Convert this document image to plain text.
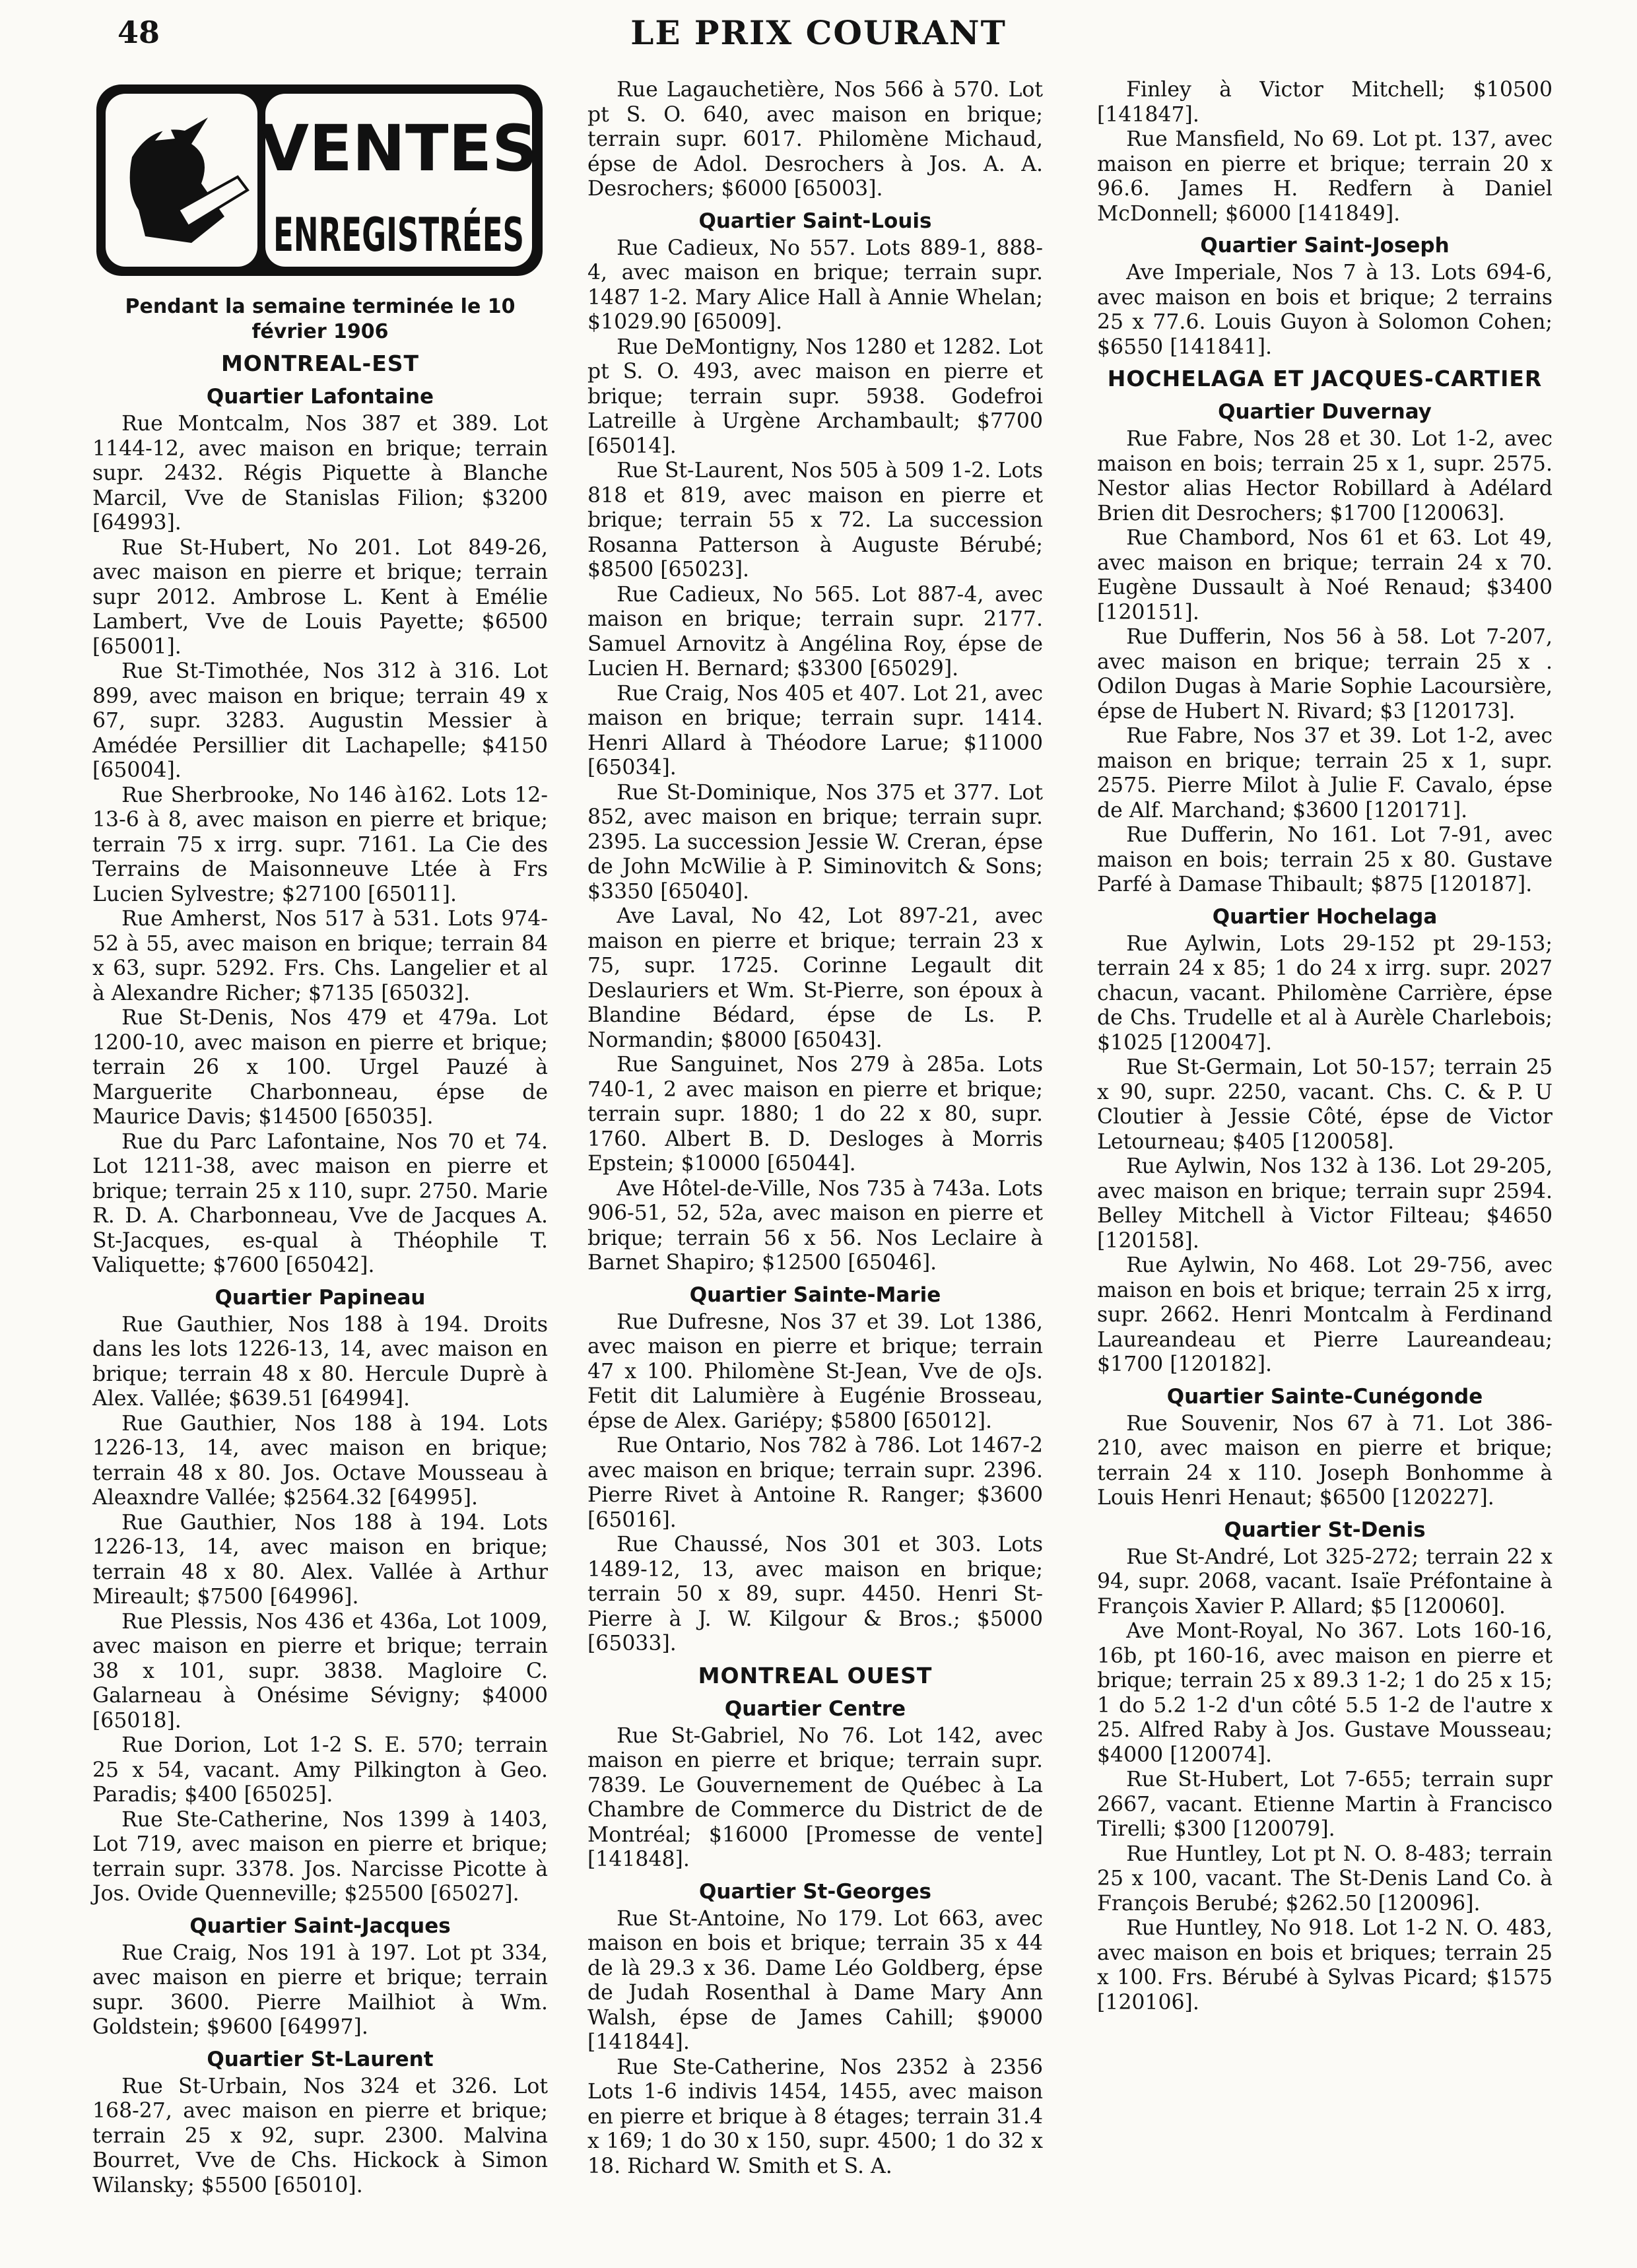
48	LE PRIX COURANT
VENTES
ENREGISTRÉES
Pendant la semaine terminée le 10 février 1906
MONTREAL-EST
Quartier Lafontaine
Rue Montcalm, Nos 387 et 389. Lot 1144-12, avec maison en brique; terrain supr. 2432. Régis Piquette à Blanche Marcil, Vve de Stanislas Filion; $3200 [64993].
Rue St-Hubert, No 201. Lot 849-26, avec maison en pierre et brique; terrain supr 2012. Ambrose L. Kent à Emélie Lambert, Vve de Louis Payette; $6500 [65001].
Rue St-Timothée, Nos 312 à 316. Lot 899, avec maison en brique; terrain 49 x 67, supr. 3283. Augustin Messier à Amédée Persillier dit Lachapelle; $4150 [65004].
Rue Sherbrooke, No 146 à162. Lots 12-13-6 à 8, avec maison en pierre et brique; terrain 75 x irrg. supr. 7161. La Cie des Terrains de Maisonneuve Ltée à Frs Lucien Sylvestre; $27100 [65011].
Rue Amherst, Nos 517 à 531. Lots 974-52 à 55, avec maison en brique; terrain 84 x 63, supr. 5292. Frs. Chs. Langelier et al à Alexandre Richer; $7135 [65032].
Rue St-Denis, Nos 479 et 479a. Lot 1200-10, avec maison en pierre et brique; terrain 26 x 100. Urgel Pauzé à Marguerite Charbonneau, épse de Maurice Davis; $14500 [65035].
Rue du Parc Lafontaine, Nos 70 et 74. Lot 1211-38, avec maison en pierre et brique; terrain 25 x 110, supr. 2750. Marie R. D. A. Charbonneau, Vve de Jacques A. St-Jacques, es-qual à Théophile T. Valiquette; $7600 [65042].
Quartier Papineau
Rue Gauthier, Nos 188 à 194. Droits dans les lots 1226-13, 14, avec maison en brique; terrain 48 x 80. Hercule Duprè à Alex. Vallée; $639.51 [64994].
Rue Gauthier, Nos 188 à 194. Lots 1226-13, 14, avec maison en brique; terrain 48 x 80. Jos. Octave Mousseau à Aleaxndre Vallée; $2564.32 [64995].
Rue Gauthier, Nos 188 à 194. Lots 1226-13, 14, avec maison en brique; terrain 48 x 80. Alex. Vallée à Arthur Mireault; $7500 [64996].
Rue Plessis, Nos 436 et 436a, Lot 1009, avec maison en pierre et brique; terrain 38 x 101, supr. 3838. Magloire C. Galarneau à Onésime Sévigny; $4000 [65018].
Rue Dorion, Lot 1-2 S. E. 570; terrain 25 x 54, vacant. Amy Pilkington à Geo. Paradis; $400 [65025].
Rue Ste-Catherine, Nos 1399 à 1403, Lot 719, avec maison en pierre et brique; terrain supr. 3378. Jos. Narcisse Picotte à Jos. Ovide Quenneville; $25500 [65027].
Quartier Saint-Jacques
Rue Craig, Nos 191 à 197. Lot pt 334, avec maison en pierre et brique; terrain supr. 3600. Pierre Mailhiot à Wm. Goldstein; $9600 [64997].
Quartier St-Laurent
Rue St-Urbain, Nos 324 et 326. Lot 168-27, avec maison en pierre et brique; terrain 25 x 92, supr. 2300. Malvina Bourret, Vve de Chs. Hickock à Simon Wilansky; $5500 [65010].
Rue Lagauchetière, Nos 566 à 570. Lot pt S. O. 640, avec maison en brique; terrain supr. 6017. Philomène Michaud, épse de Adol. Desrochers à Jos. A. A. Desrochers; $6000 [65003].
Quartier Saint-Louis
Rue Cadieux, No 557. Lots 889-1, 888-4, avec maison en brique; terrain supr. 1487 1-2. Mary Alice Hall à Annie Whelan; $1029.90 [65009].
Rue DeMontigny, Nos 1280 et 1282. Lot pt S. O. 493, avec maison en pierre et brique; terrain supr. 5938. Godefroi Latreille à Urgène Archambault; $7700 [65014].
Rue St-Laurent, Nos 505 à 509 1-2. Lots 818 et 819, avec maison en pierre et brique; terrain 55 x 72. La succession Rosanna Patterson à Auguste Bérubé; $8500 [65023].
Rue Cadieux, No 565. Lot 887-4, avec maison en brique; terrain supr. 2177. Samuel Arnovitz à Angélina Roy, épse de Lucien H. Bernard; $3300 [65029].
Rue Craig, Nos 405 et 407. Lot 21, avec maison en brique; terrain supr. 1414. Henri Allard à Théodore Larue; $11000 [65034].
Rue St-Dominique, Nos 375 et 377. Lot 852, avec maison en brique; terrain supr. 2395. La succession Jessie W. Creran, épse de John McWilie à P. Siminovitch & Sons; $3350 [65040].
Ave Laval, No 42, Lot 897-21, avec maison en pierre et brique; terrain 23 x 75, supr. 1725. Corinne Legault dit Deslauriers et Wm. St-Pierre, son époux à Blandine Bédard, épse de Ls. P. Normandin; $8000 [65043].
Rue Sanguinet, Nos 279 à 285a. Lots 740-1, 2 avec maison en pierre et brique; terrain supr. 1880; 1 do 22 x 80, supr. 1760. Albert B. D. Desloges à Morris Epstein; $10000 [65044].
Ave Hôtel-de-Ville, Nos 735 à 743a. Lots 906-51, 52, 52a, avec maison en pierre et brique; terrain 56 x 56. Nos Leclaire à Barnet Shapiro; $12500 [65046].
Quartier Sainte-Marie
Rue Dufresne, Nos 37 et 39. Lot 1386, avec maison en pierre et brique; terrain 47 x 100. Philomène St-Jean, Vve de oJs. Fetit dit Lalumière à Eugénie Brosseau, épse de Alex. Gariépy; $5800 [65012].
Rue Ontario, Nos 782 à 786. Lot 1467-2 avec maison en brique; terrain supr. 2396. Pierre Rivet à Antoine R. Ranger; $3600 [65016].
Rue Chaussé, Nos 301 et 303. Lots 1489-12, 13, avec maison en brique; terrain 50 x 89, supr. 4450. Henri St-Pierre à J. W. Kilgour & Bros.; $5000 [65033].
MONTREAL OUEST
Quartier Centre
Rue St-Gabriel, No 76. Lot 142, avec maison en pierre et brique; terrain supr. 7839. Le Gouvernement de Québec à La Chambre de Commerce du District de de Montréal; $16000 [Promesse de vente] [141848].
Quartier St-Georges
Rue St-Antoine, No 179. Lot 663, avec maison en bois et brique; terrain 35 x 44 de là 29.3 x 36. Dame Léo Goldberg, épse de Judah Rosenthal à Dame Mary Ann Walsh, épse de James Cahill; $9000 [141844].
Rue Ste-Catherine, Nos 2352 à 2356 Lots 1-6 indivis 1454, 1455, avec maison en pierre et brique à 8 étages; terrain 31.4 x 169; 1 do 30 x 150, supr. 4500; 1 do 32 x 18. Richard W. Smith et S. A.
Finley à Victor Mitchell; $10500 [141847].
Rue Mansfield, No 69. Lot pt. 137, avec maison en pierre et brique; terrain 20 x 96.6. James H. Redfern à Daniel McDonnell; $6000 [141849].
Quartier Saint-Joseph
Ave Imperiale, Nos 7 à 13. Lots 694-6, avec maison en bois et brique; 2 terrains 25 x 77.6. Louis Guyon à Solomon Cohen; $6550 [141841].
HOCHELAGA ET JACQUES-CARTIER
Quartier Duvernay
Rue Fabre, Nos 28 et 30. Lot 1-2, avec maison en bois; terrain 25 x 1, supr. 2575. Nestor alias Hector Robillard à Adélard Brien dit Desrochers; $1700 [120063].
Rue Chambord, Nos 61 et 63. Lot 49, avec maison en brique; terrain 24 x 70. Eugène Dussault à Noé Renaud; $3400 [120151].
Rue Dufferin, Nos 56 à 58. Lot 7-207, avec maison en brique; terrain 25 x . Odilon Dugas à Marie Sophie Lacoursière, épse de Hubert N. Rivard; $3 [120173].
Rue Fabre, Nos 37 et 39. Lot 1-2, avec maison en brique; terrain 25 x 1, supr. 2575. Pierre Milot à Julie F. Cavalo, épse de Alf. Marchand; $3600 [120171].
Rue Dufferin, No 161. Lot 7-91, avec maison en bois; terrain 25 x 80. Gustave Parfé à Damase Thibault; $875 [120187].
Quartier Hochelaga
Rue Aylwin, Lots 29-152 pt 29-153; terrain 24 x 85; 1 do 24 x irrg. supr. 2027 chacun, vacant. Philomène Carrière, épse de Chs. Trudelle et al à Aurèle Charlebois; $1025 [120047].
Rue St-Germain, Lot 50-157; terrain 25 x 90, supr. 2250, vacant. Chs. C. & P. U Cloutier à Jessie Côté, épse de Victor Letourneau; $405 [120058].
Rue Aylwin, Nos 132 à 136. Lot 29-205, avec maison en brique; terrain supr 2594. Belley Mitchell à Victor Filteau; $4650 [120158].
Rue Aylwin, No 468. Lot 29-756, avec maison en bois et brique; terrain 25 x irrg, supr. 2662. Henri Montcalm à Ferdinand Laureandeau et Pierre Laureandeau; $1700 [120182].
Quartier Sainte-Cunégonde
Rue Souvenir, Nos 67 à 71. Lot 386-210, avec maison en pierre et brique; terrain 24 x 110. Joseph Bonhomme à Louis Henri Henaut; $6500 [120227].
Quartier St-Denis
Rue St-André, Lot 325-272; terrain 22 x 94, supr. 2068, vacant. Isaïe Préfontaine à François Xavier P. Allard; $5 [120060].
Ave Mont-Royal, No 367. Lots 160-16, 16b, pt 160-16, avec maison en pierre et brique; terrain 25 x 89.3 1-2; 1 do 25 x 15; 1 do 5.2 1-2 d'un côté 5.5 1-2 de l'autre x 25. Alfred Raby à Jos. Gustave Mousseau; $4000 [120074].
Rue St-Hubert, Lot 7-655; terrain supr 2667, vacant. Etienne Martin à Francisco Tirelli; $300 [120079].
Rue Huntley, Lot pt N. O. 8-483; terrain 25 x 100, vacant. The St-Denis Land Co. à François Berubé; $262.50 [120096].
Rue Huntley, No 918. Lot 1-2 N. O. 483, avec maison en bois et briques; terrain 25 x 100. Frs. Bérubé à Sylvas Picard; $1575 [120106].
